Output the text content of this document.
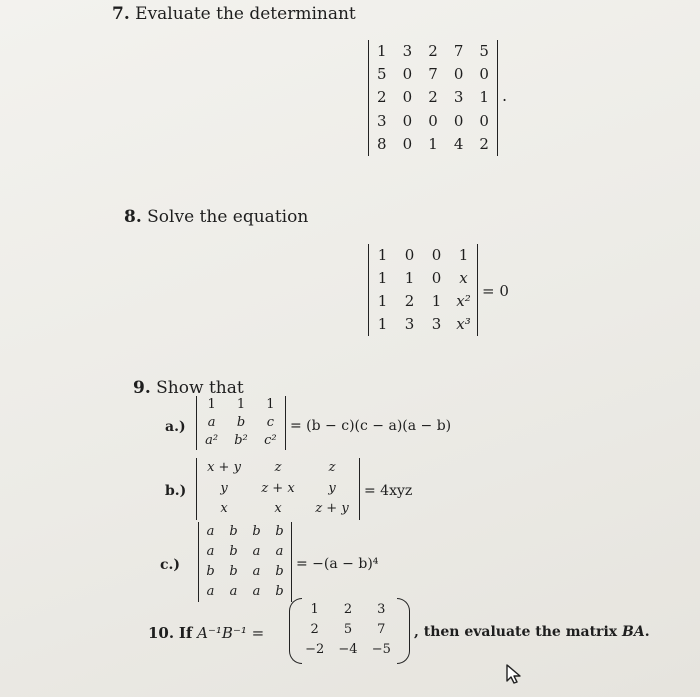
7. Evaluate the determinant
1	3	2	7	5
5	0	7	0	0
2	0	2	3	1
3	0	0	0	0
8	0	1	4	2
.
8. Solve the equation
1	0	0	1
1	1	0	x
1	2	1 x²
1	3	3 x³
= 0
9. Show that
a.)
1	1	1
a	b	c
a²	b²	c²
= (b − c)(c − a)(a − b)
b.)
x + y	z	z
y	z + x	y
x	x	z + y
= 4xyz
c.)
a	b	b	b
a	b	a	a
b	b	a	b
a	a	a	b
= −(a − b)⁴
10. If A⁻¹B⁻¹ =
1	2	3
2	5	7
−2	−4	−5
, then evaluate the matrix BA.
